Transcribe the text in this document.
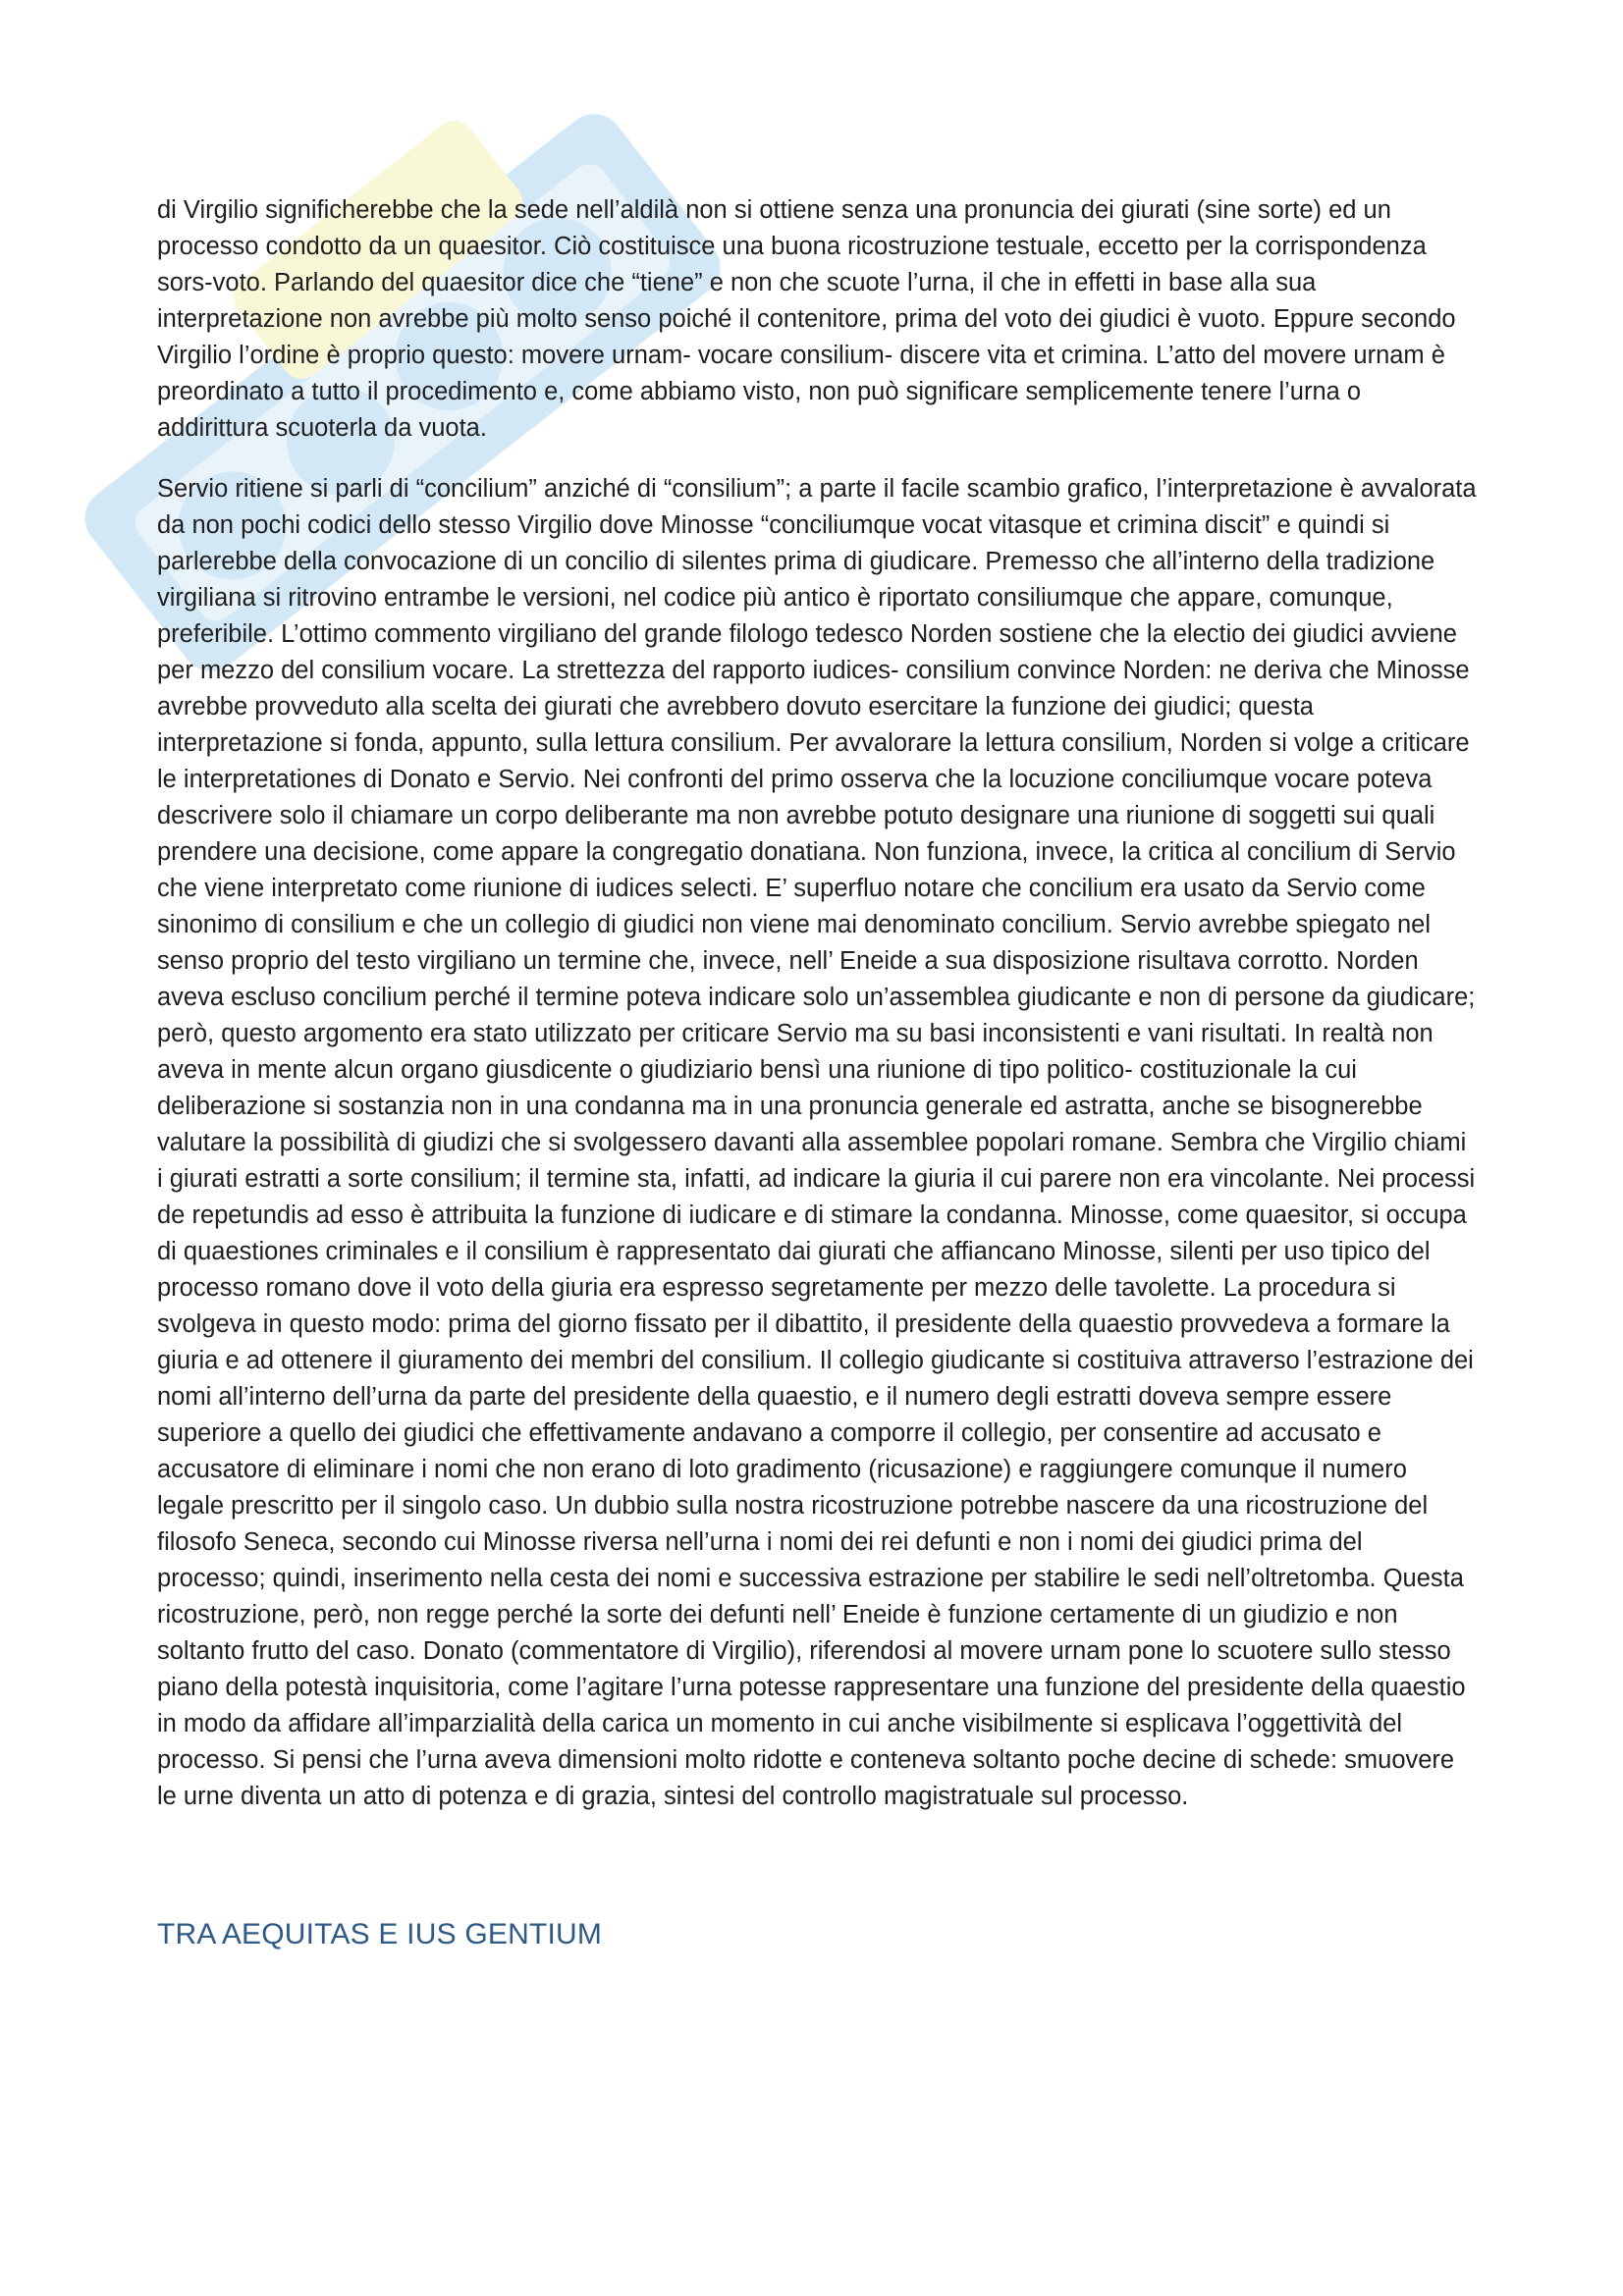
di Virgilio significherebbe che la sede nell’aldilà non si ottiene senza una pronuncia dei giurati (sine sorte) ed un processo condotto da un quaesitor. Ciò costituisce una buona ricostruzione testuale, eccetto per la corrispondenza sors-voto. Parlando del quaesitor dice che “tiene” e non che scuote l’urna, il che in effetti in base alla sua interpretazione non avrebbe più molto senso poiché il contenitore, prima del voto dei giudici è vuoto. Eppure secondo Virgilio l’ordine è proprio questo: movere urnam- vocare consilium- discere vita et crimina. L’atto del movere urnam è preordinato a tutto il procedimento e, come abbiamo visto, non può significare semplicemente tenere l’urna o addirittura scuoterla da vuota.

Servio ritiene si parli di “concilium” anziché di “consilium”; a parte il facile scambio grafico, l’interpretazione è avvalorata da non pochi codici dello stesso Virgilio dove Minosse “conciliumque vocat vitasque et crimina discit” e quindi si parlerebbe della convocazione di un concilio di silentes prima di giudicare. Premesso che all’interno della tradizione virgiliana si ritrovino entrambe le versioni, nel codice più antico è riportato consiliumque che appare, comunque, preferibile. L’ottimo commento virgiliano del grande filologo tedesco Norden sostiene che la electio dei giudici avviene per mezzo del consilium vocare. La strettezza del rapporto iudices- consilium convince Norden: ne deriva che Minosse avrebbe provveduto alla scelta dei giurati che avrebbero dovuto esercitare la funzione dei giudici; questa interpretazione si fonda, appunto, sulla lettura consilium. Per avvalorare la lettura consilium, Norden si volge a criticare le interpretationes di Donato e Servio. Nei confronti del primo osserva che la locuzione conciliumque vocare poteva descrivere solo il chiamare un corpo deliberante ma non avrebbe potuto designare una riunione di soggetti sui quali prendere una decisione, come appare la congregatio donatiana. Non funziona, invece, la critica al concilium di Servio che viene interpretato come riunione di iudices selecti. E’ superfluo notare che concilium era usato da Servio come sinonimo di consilium e che un collegio di giudici non viene mai denominato concilium. Servio avrebbe spiegato nel senso proprio del testo virgiliano un termine che, invece, nell’ Eneide a sua disposizione risultava corrotto. Norden aveva escluso concilium perché il termine poteva indicare solo un’assemblea giudicante e non di persone da giudicare; però, questo argomento era stato utilizzato per criticare Servio ma su basi inconsistenti e vani risultati. In realtà non aveva in mente alcun organo giusdicente o giudiziario bensì una riunione di tipo politico- costituzionale la cui deliberazione si sostanzia non in una condanna ma in una pronuncia generale ed astratta, anche se bisognerebbe valutare la possibilità di giudizi che si svolgessero davanti alla assemblee popolari romane. Sembra che Virgilio chiami i giurati estratti a sorte consilium; il termine sta, infatti, ad indicare la giuria il cui parere non era vincolante. Nei processi de repetundis ad esso è attribuita la funzione di iudicare e di stimare la condanna. Minosse, come quaesitor, si occupa di quaestiones criminales e il consilium è rappresentato dai giurati che affiancano Minosse, silenti per uso tipico del processo romano dove il voto della giuria era espresso segretamente per mezzo delle tavolette. La procedura si svolgeva in questo modo: prima del giorno fissato per il dibattito, il presidente della quaestio provvedeva a formare la giuria e ad ottenere il giuramento dei membri del consilium. Il collegio giudicante si costituiva attraverso l’estrazione dei nomi all’interno dell’urna da parte del presidente della quaestio, e il numero degli estratti doveva sempre essere superiore a quello dei giudici che effettivamente andavano a comporre il collegio, per consentire ad accusato e accusatore di eliminare i nomi che non erano di loto gradimento (ricusazione) e raggiungere comunque il numero legale prescritto per il singolo caso. Un dubbio sulla nostra ricostruzione potrebbe nascere da una ricostruzione del filosofo Seneca, secondo cui Minosse riversa nell’urna i nomi dei rei defunti e non i nomi dei giudici prima del processo; quindi, inserimento nella cesta dei nomi e successiva estrazione per stabilire le sedi nell’oltretomba. Questa ricostruzione, però, non regge perché la sorte dei defunti nell’ Eneide è funzione certamente di un giudizio e non soltanto frutto del caso. Donato (commentatore di Virgilio), riferendosi al movere urnam pone lo scuotere sullo stesso piano della potestà inquisitoria, come l’agitare l’urna potesse rappresentare una funzione del presidente della quaestio in modo da affidare all’imparzialità della carica un momento in cui anche visibilmente si esplicava l’oggettività del processo. Si pensi che l’urna aveva dimensioni molto ridotte e conteneva soltanto poche decine di schede: smuovere le urne diventa un atto di potenza e di grazia, sintesi del controllo magistratuale sul processo.

TRA AEQUITAS E IUS GENTIUM
